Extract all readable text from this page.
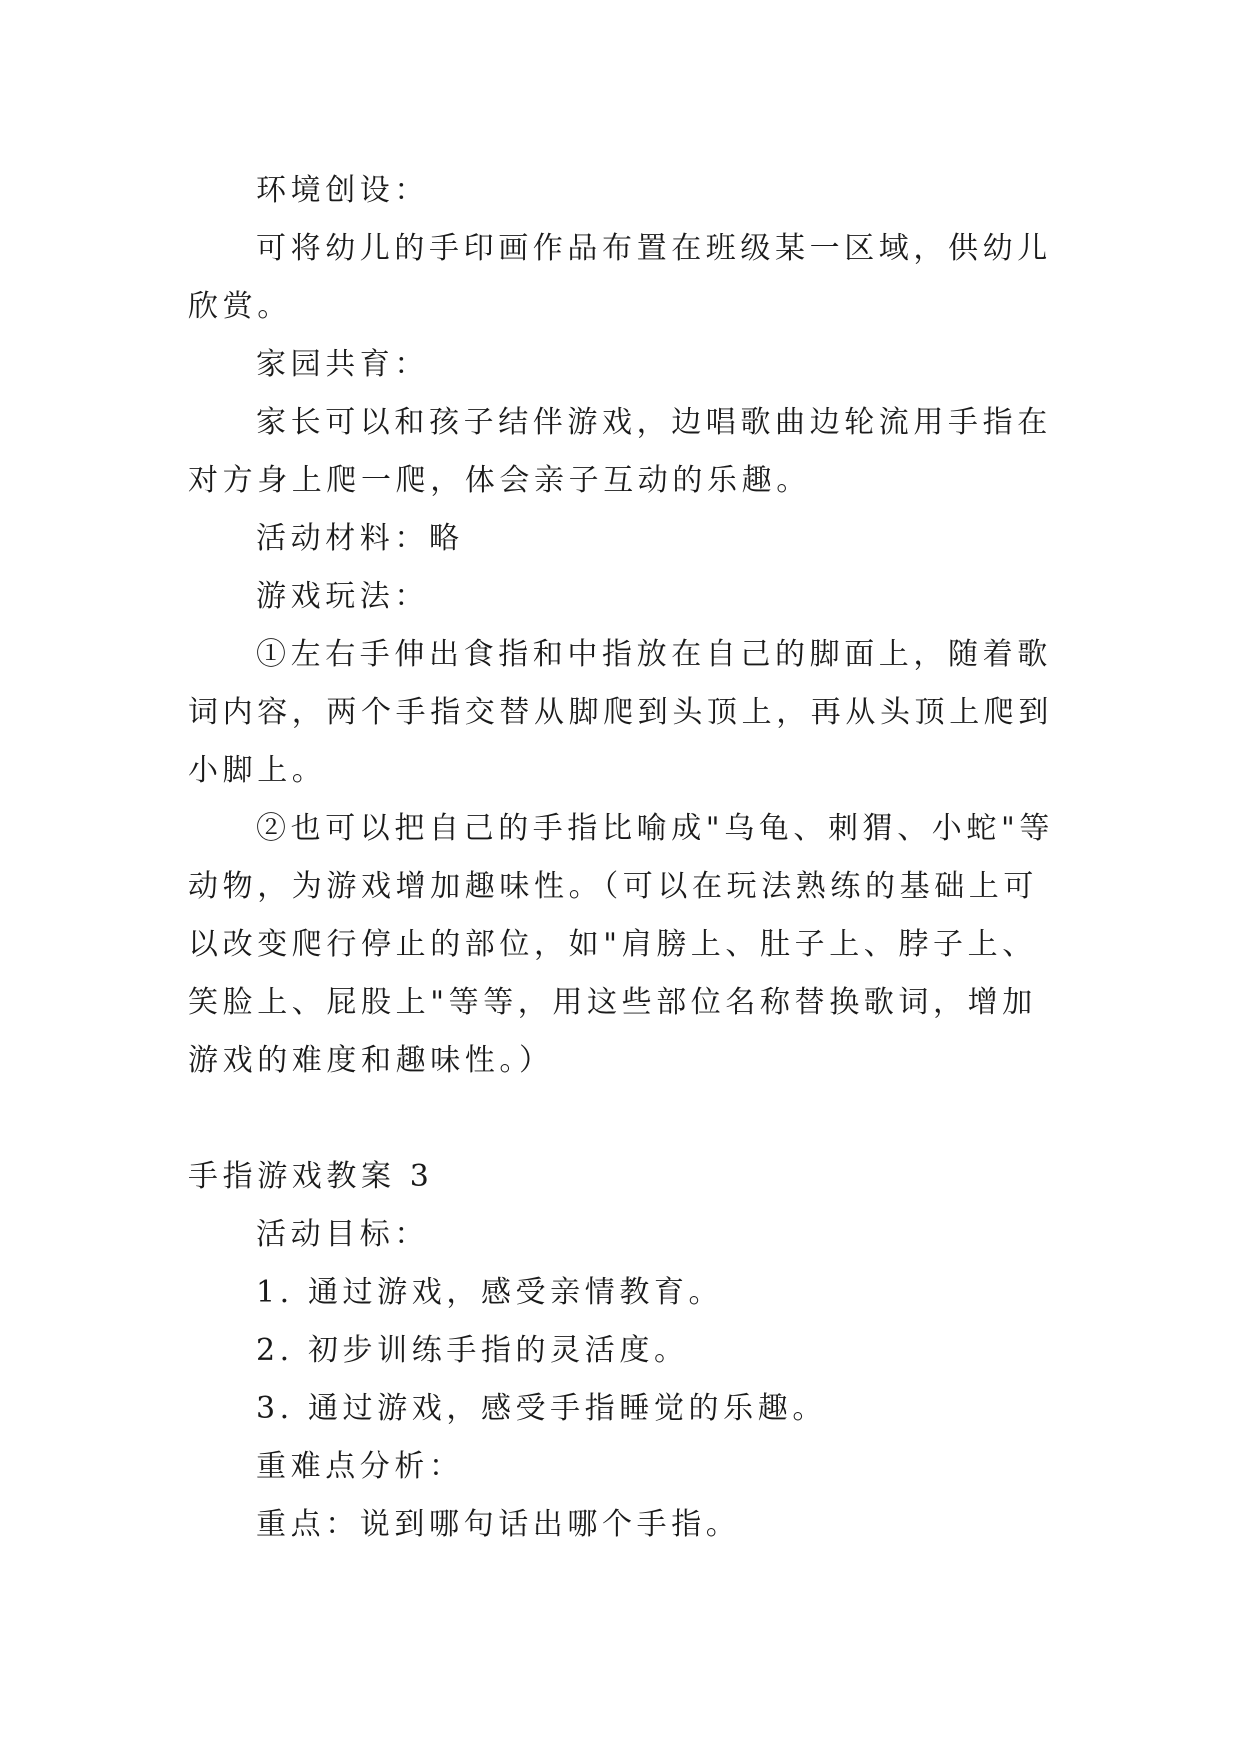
环境创设：

可将幼儿的手印画作品布置在班级某一区域，供幼儿欣赏。

家园共育：

家长可以和孩子结伴游戏，边唱歌曲边轮流用手指在对方身上爬一爬，体会亲子互动的乐趣。

活动材料：略

游戏玩法：

①左右手伸出食指和中指放在自己的脚面上，随着歌词内容，两个手指交替从脚爬到头顶上，再从头顶上爬到小脚上。

②也可以把自己的手指比喻成"乌龟、刺猬、小蛇"等动物，为游戏增加趣味性。（可以在玩法熟练的基础上可以改变爬行停止的部位，如"肩膀上、肚子上、脖子上、笑脸上、屁股上"等等，用这些部位名称替换歌词，增加游戏的难度和趣味性。）

手指游戏教案 3

活动目标：

1. 通过游戏，感受亲情教育。

2. 初步训练手指的灵活度。

3. 通过游戏，感受手指睡觉的乐趣。

重难点分析：

重点：说到哪句话出哪个手指。
